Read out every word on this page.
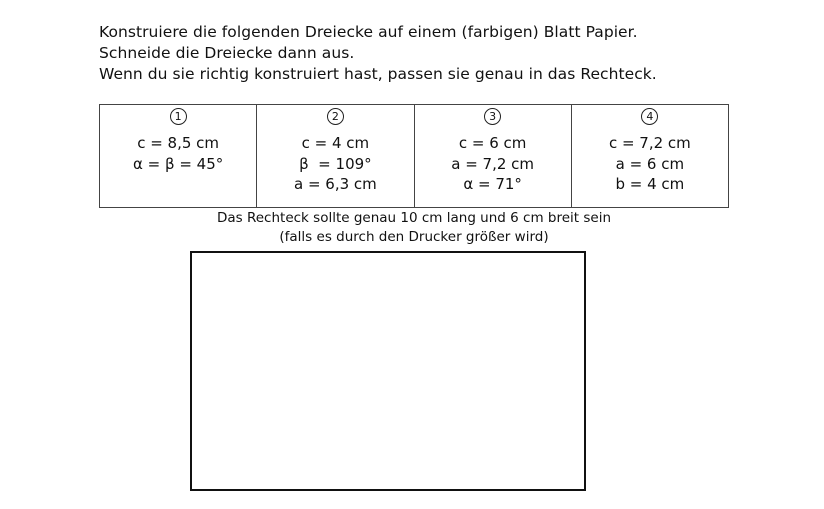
Konstruiere die folgenden Dreiecke auf einem (farbigen) Blatt Papier.
Schneide die Dreiecke dann aus.
Wenn du sie richtig konstruiert hast, passen sie genau in das Rechteck.
1
c = 8,5 cm
α = β = 45°
	2
c = 4 cm
β  = 109°
a = 6,3 cm
	3
c = 6 cm
a = 7,2 cm
α = 71°
	4
c = 7,2 cm
a = 6 cm
b = 4 cm
Das Rechteck sollte genau 10 cm lang und 6 cm breit sein
(falls es durch den Drucker größer wird)
